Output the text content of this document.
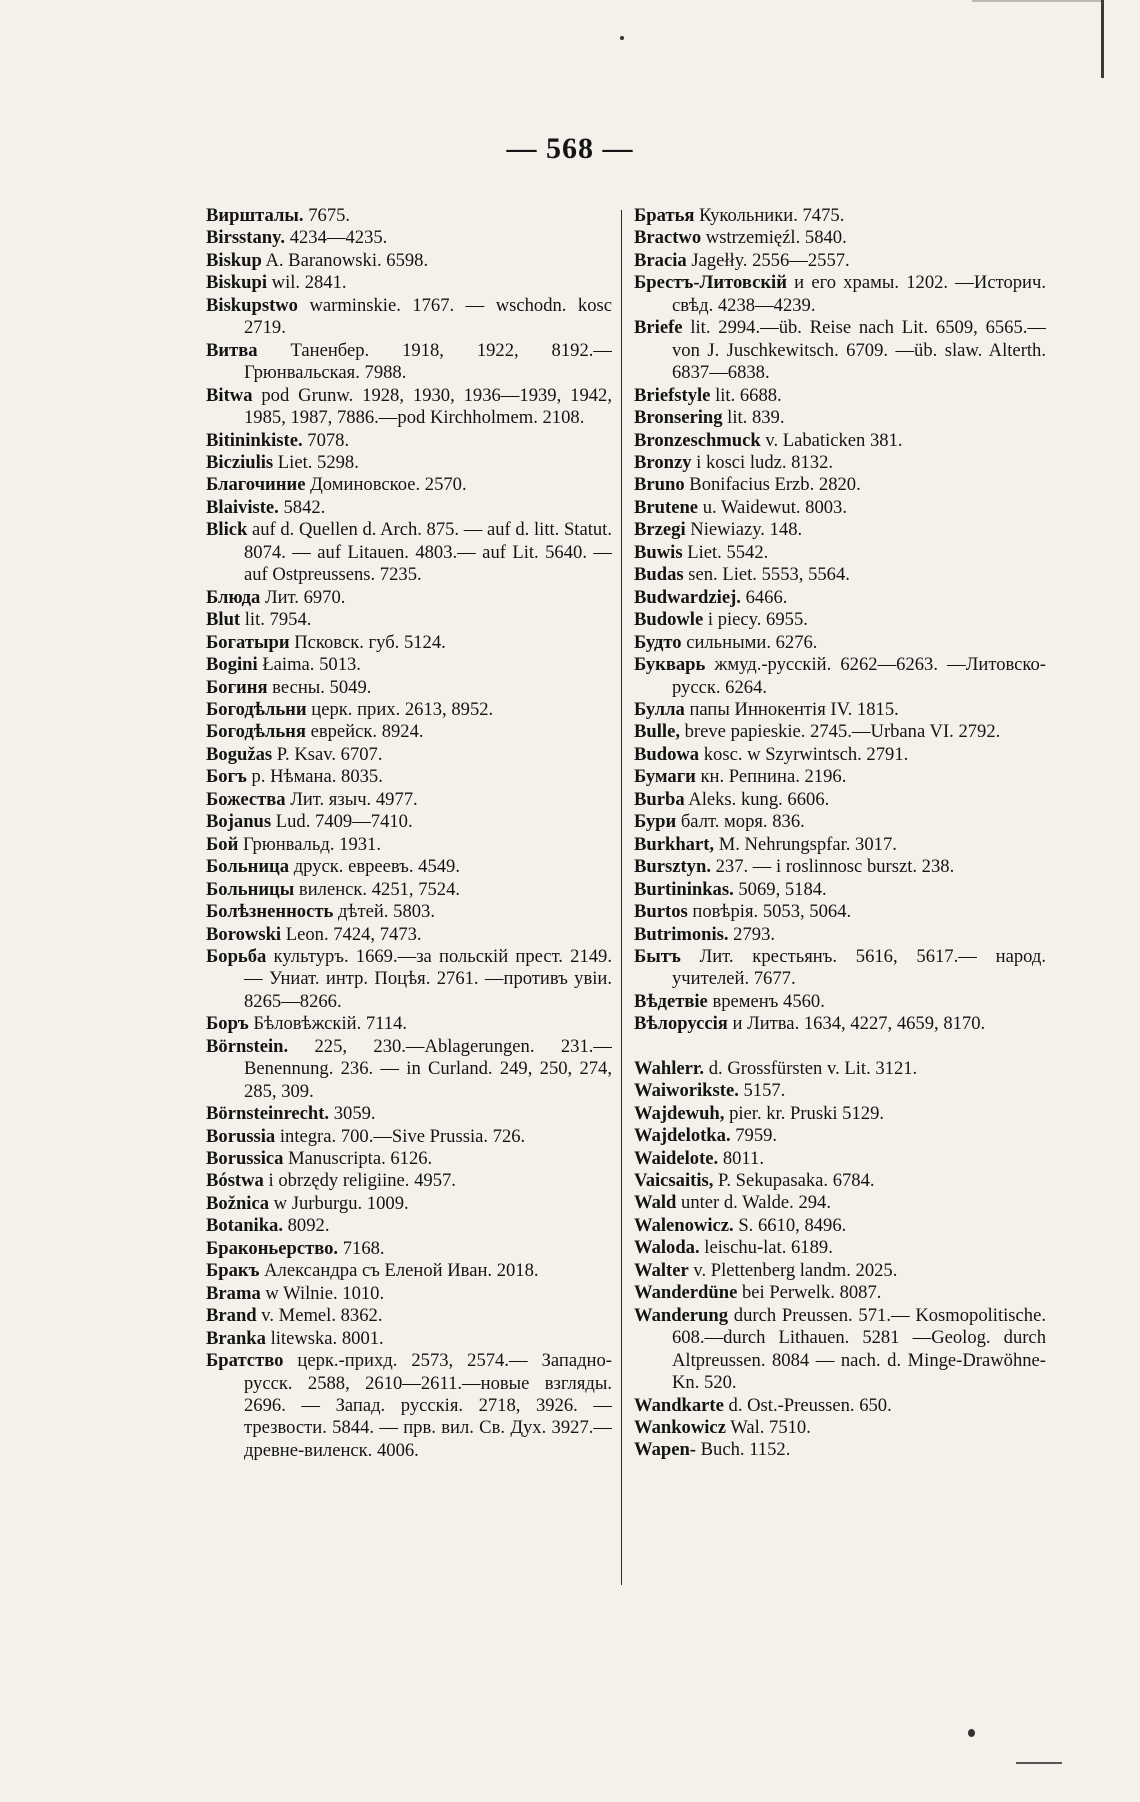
— 568 —

Виршталы. 7675.

Birsstany. 4234—4235.

Biskup A. Baranowski. 6598.

Biskupi wil. 2841.

Biskupstwo warminskie. 1767. — wschodn. kosc 2719.

Витва Таненбер. 1918, 1922, 8192.— Грюнвальская. 7988.

Bitwa pod Grunw. 1928, 1930, 1936—1939, 1942, 1985, 1987, 7886.—pod Kirchholmem. 2108.

Bitininkiste. 7078.

Bicziulis Liet. 5298.

Благочиние Доминовское. 2570.

Blaiviste. 5842.

Blick auf d. Quellen d. Arch. 875. — auf d. litt. Statut. 8074. — auf Litauen. 4803.— auf Lit. 5640. — auf Ostpreussens. 7235.

Блюда Лит. 6970.

Blut lit. 7954.

Богатыри Псковск. губ. 5124.

Bogini Łaima. 5013.

Богиня весны. 5049.

Богодѣльни церк. прих. 2613, 8952.

Богодѣльня еврейск. 8924.

Bogužas P. Ksav. 6707.

Богъ р. Нѣмана. 8035.

Божества Лит. языч. 4977.

Bojanus Lud. 7409—7410.

Бой Грюнвальд. 1931.

Больница друск. евреевъ. 4549.

Больницы виленск. 4251, 7524.

Болѣзненность дѣтей. 5803.

Borowski Leon. 7424, 7473.

Борьба культуръ. 1669.—за польскій прест. 2149.— Униат. интр. Поцѣя. 2761. —противъ увіи. 8265—8266.

Боръ Бѣловѣжскій. 7114.

Börnstein. 225, 230.—Ablagerungen. 231.—Benennung. 236. — in Curland. 249, 250, 274, 285, 309.

Börnsteinrecht. 3059.

Borussia integra. 700.—Sive Prussia. 726.

Borussica Manuscripta. 6126.

Bóstwa i obrzędy religiine. 4957.

Božnica w Jurburgu. 1009.

Botanika. 8092.

Браконьерство. 7168.

Бракъ Александра съ Еленой Иван. 2018.

Brama w Wilnie. 1010.

Brand v. Memel. 8362.

Branka litewska. 8001.

Братство церк.-прихд. 2573, 2574.— Западно-русск. 2588, 2610—2611.—новые взгляды. 2696. — Запад. русскія. 2718, 3926. — трезвости. 5844. — прв. вил. Св. Дух. 3927.—древне-виленск. 4006.

Братья Кукольники. 7475.

Bractwo wstrzemięźl. 5840.

Bracia Jagełły. 2556—2557.

Брестъ-Литовскій и его храмы. 1202. —Историч. свѣд. 4238—4239.

Briefe lit. 2994.—üb. Reise nach Lit. 6509, 6565.—von J. Juschkewitsch. 6709. —üb. slaw. Alterth. 6837—6838.

Briefstyle lit. 6688.

Bronsering lit. 839.

Bronzeschmuck v. Labaticken 381.

Bronzy i kosci ludz. 8132.

Bruno Bonifacius Erzb. 2820.

Brutene u. Waidewut. 8003.

Brzegi Niewiazy. 148.

Buwis Liet. 5542.

Budas sen. Liet. 5553, 5564.

Budwardziej. 6466.

Budowle i piecy. 6955.

Будто сильными. 6276.

Букварь жмуд.-русскій. 6262—6263. —Литовско-русск. 6264.

Булла папы Иннокентія IV. 1815.

Bulle, breve papieskie. 2745.—Urbana VI. 2792.

Budowa kosc. w Szyrwintsch. 2791.

Бумаги кн. Репнина. 2196.

Burba Aleks. kung. 6606.

Бури балт. моря. 836.

Burkhart, M. Nehrungspfar. 3017.

Bursztyn. 237. — i roslinnosc burszt. 238.

Burtininkas. 5069, 5184.

Burtos повѣрія. 5053, 5064.

Butrimonis. 2793.

Бытъ Лит. крестьянъ. 5616, 5617.— народ. учителей. 7677.

Вѣдетвіе временъ 4560.

Вѣлоруссія и Литва. 1634, 4227, 4659, 8170.

Wahlerr. d. Grossfürsten v. Lit. 3121.

Waiworikste. 5157.

Wajdewuh, pier. kr. Pruski 5129.

Wajdelotka. 7959.

Waidelote. 8011.

Vaicsaitis, P. Sekupasaka. 6784.

Wald unter d. Walde. 294.

Walenowicz. S. 6610, 8496.

Waloda. leischu-lat. 6189.

Walter v. Plettenberg landm. 2025.

Wanderdüne bei Perwelk. 8087.

Wanderung durch Preussen. 571.— Kosmopolitische. 608.—durch Lithauen. 5281 —Geolog. durch Altpreussen. 8084 — nach. d. Minge-Drawöhne-Kn. 520.

Wandkarte d. Ost.-Preussen. 650.

Wankowicz Wal. 7510.

Wapen- Buch. 1152.
